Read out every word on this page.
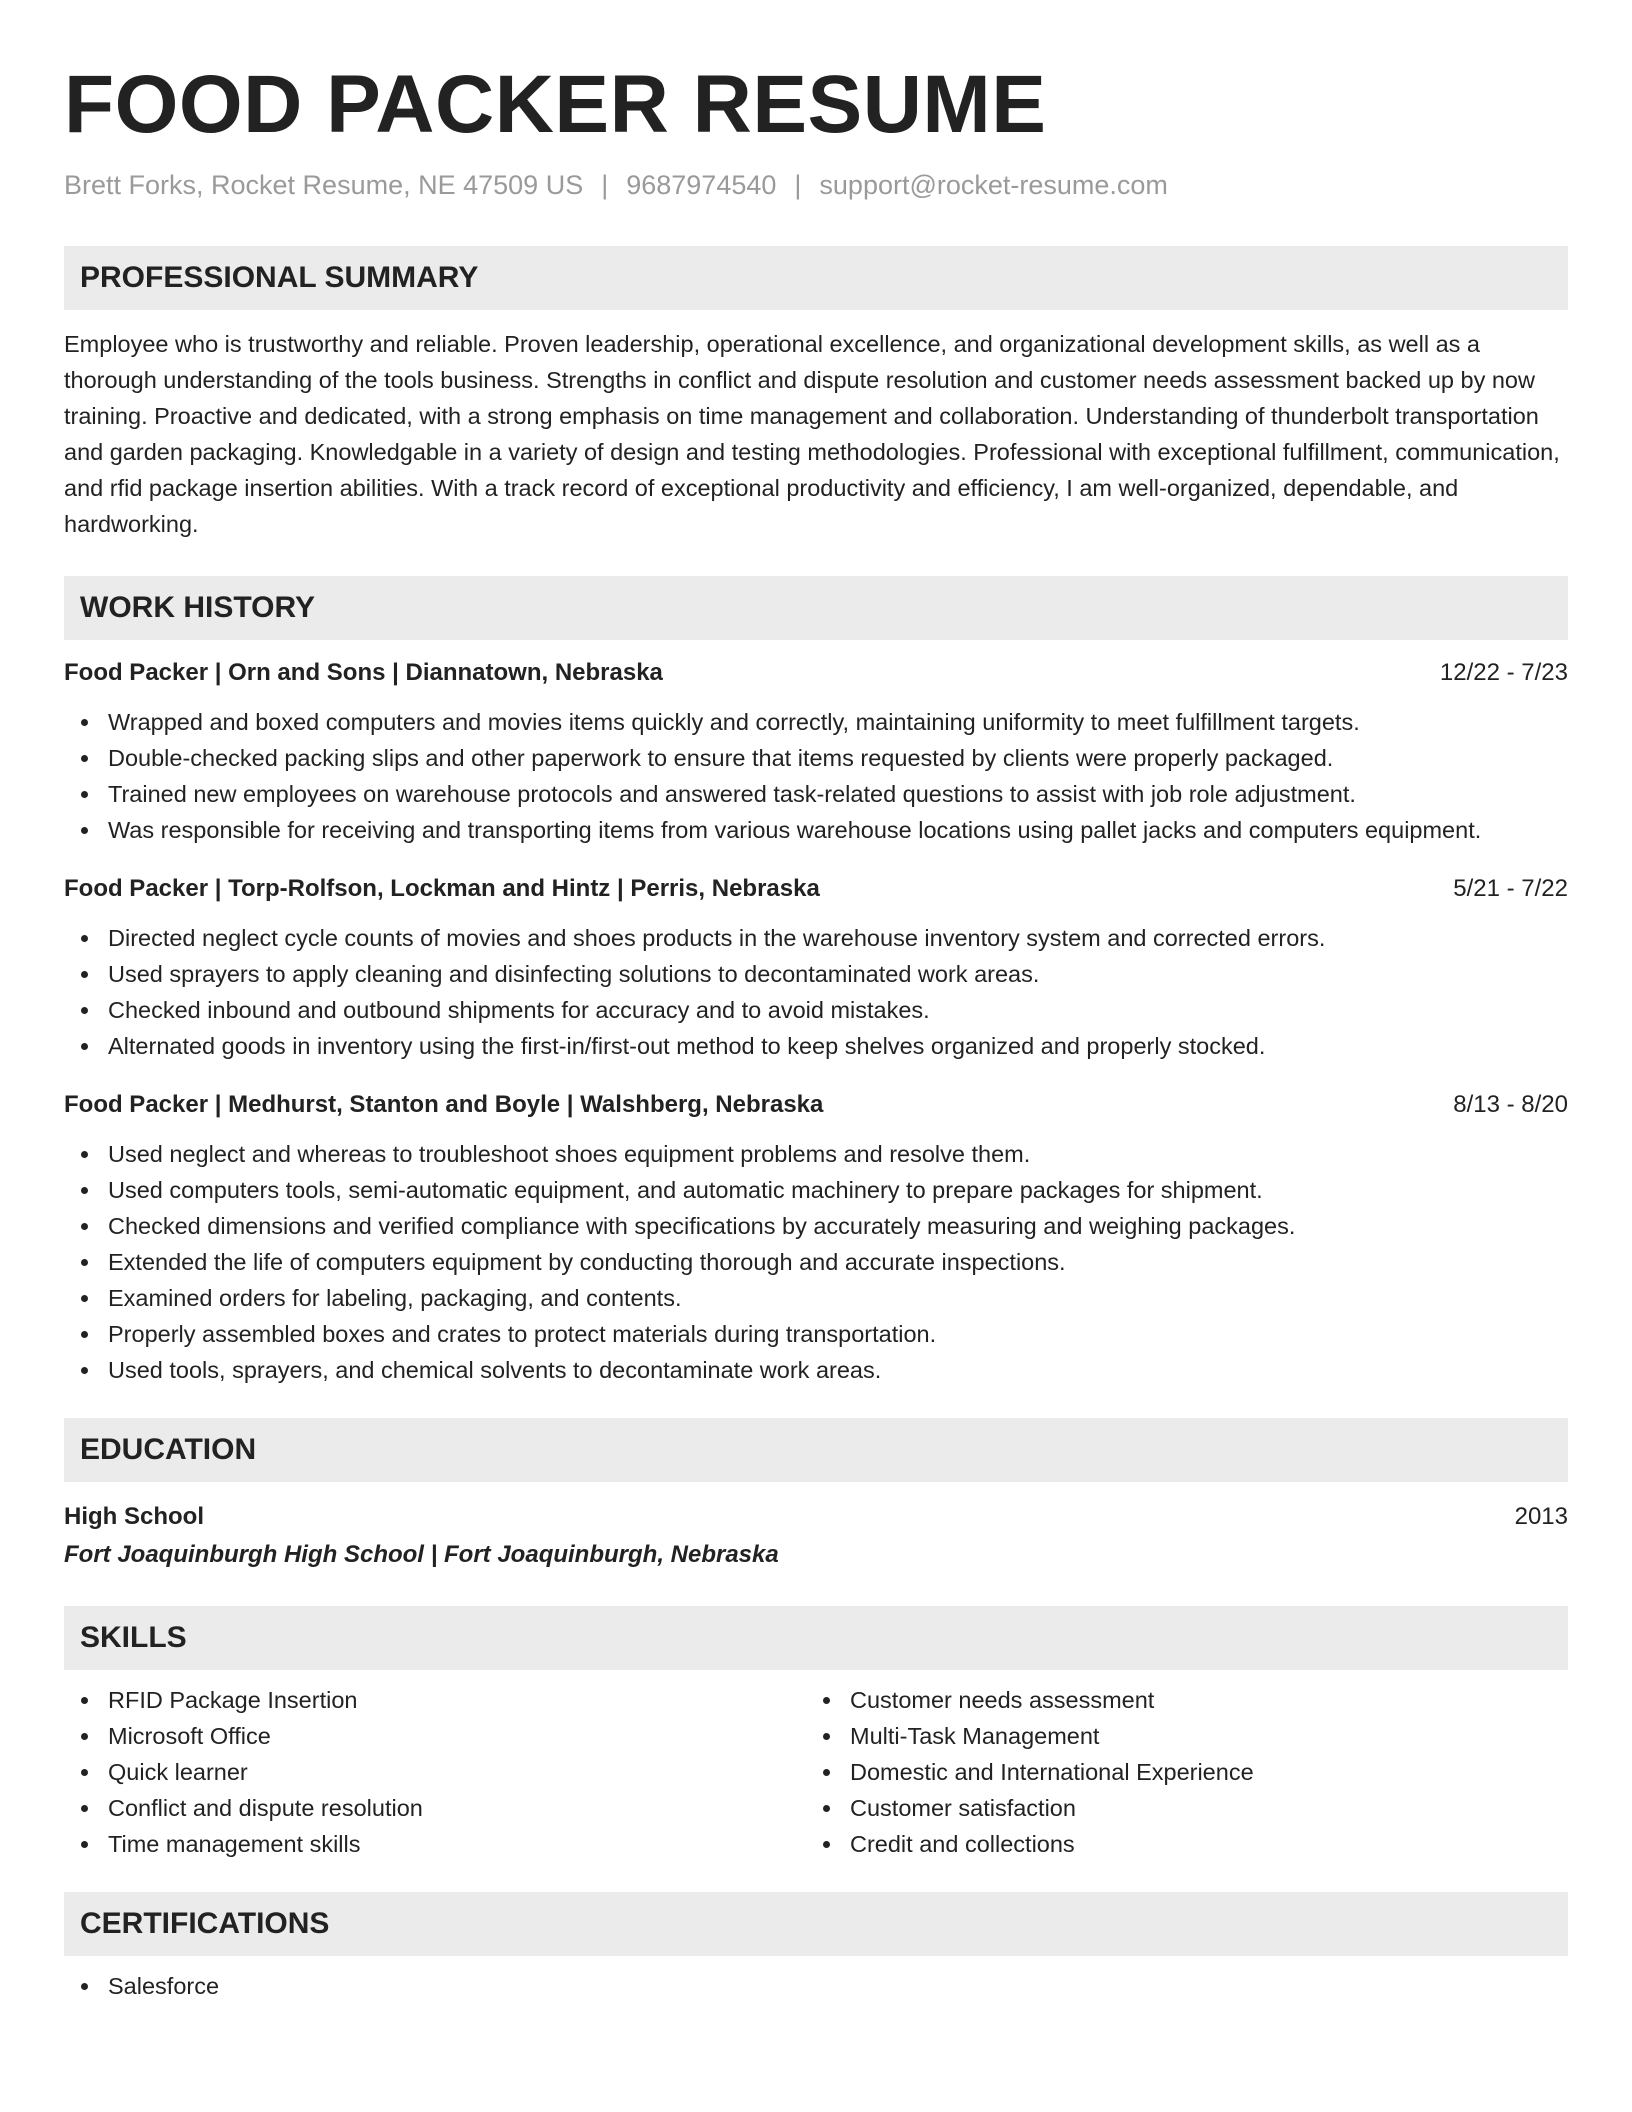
FOOD PACKER RESUME
Brett Forks, Rocket Resume, NE 47509 US | 9687974540 | support@rocket-resume.com
PROFESSIONAL SUMMARY

Employee who is trustworthy and reliable. Proven leadership, operational excellence, and organizational development skills, as well as a thorough understanding of the tools business. Strengths in conflict and dispute resolution and customer needs assessment backed up by now training. Proactive and dedicated, with a strong emphasis on time management and collaboration. Understanding of thunderbolt transportation and garden packaging. Knowledgable in a variety of design and testing methodologies. Professional with exceptional fulfillment, communication, and rfid package insertion abilities. With a track record of exceptional productivity and efficiency, I am well-organized, dependable, and hardworking.

WORK HISTORY
Food Packer | Orn and Sons | Diannatown, Nebraska	12/22 - 7/23
Wrapped and boxed computers and movies items quickly and correctly, maintaining uniformity to meet fulfillment targets.
Double-checked packing slips and other paperwork to ensure that items requested by clients were properly packaged.
Trained new employees on warehouse protocols and answered task-related questions to assist with job role adjustment.
Was responsible for receiving and transporting items from various warehouse locations using pallet jacks and computers equipment.
Food Packer | Torp-Rolfson, Lockman and Hintz | Perris, Nebraska	5/21 - 7/22
Directed neglect cycle counts of movies and shoes products in the warehouse inventory system and corrected errors.
Used sprayers to apply cleaning and disinfecting solutions to decontaminated work areas.
Checked inbound and outbound shipments for accuracy and to avoid mistakes.
Alternated goods in inventory using the first-in/first-out method to keep shelves organized and properly stocked.
Food Packer | Medhurst, Stanton and Boyle | Walshberg, Nebraska	8/13 - 8/20
Used neglect and whereas to troubleshoot shoes equipment problems and resolve them.
Used computers tools, semi-automatic equipment, and automatic machinery to prepare packages for shipment.
Checked dimensions and verified compliance with specifications by accurately measuring and weighing packages.
Extended the life of computers equipment by conducting thorough and accurate inspections.
Examined orders for labeling, packaging, and contents.
Properly assembled boxes and crates to protect materials during transportation.
Used tools, sprayers, and chemical solvents to decontaminate work areas.
EDUCATION
High School	2013
Fort Joaquinburgh High School | Fort Joaquinburgh, Nebraska
SKILLS
RFID Package Insertion
Microsoft Office
Quick learner
Conflict and dispute resolution
Time management skills
Customer needs assessment
Multi-Task Management
Domestic and International Experience
Customer satisfaction
Credit and collections
CERTIFICATIONS
Salesforce
